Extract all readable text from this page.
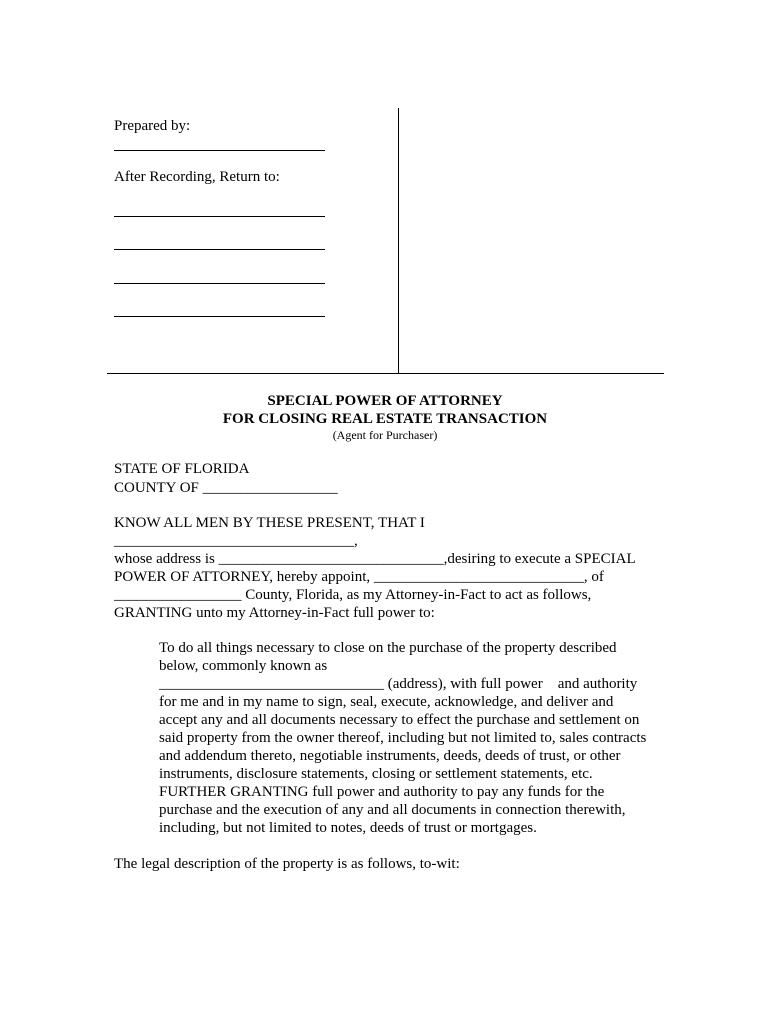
Prepared by:
After Recording, Return to:
SPECIAL POWER OF ATTORNEY
FOR CLOSING REAL ESTATE TRANSACTION
(Agent for Purchaser)
STATE OF FLORIDA
COUNTY OF __________________
KNOW ALL MEN BY THESE PRESENT, THAT I
________________________________,
whose address is ______________________________,desiring to execute a SPECIAL
POWER OF ATTORNEY, hereby appoint, ____________________________, of
_________________ County, Florida, as my Attorney-in-Fact to act as follows,
GRANTING unto my Attorney-in-Fact full power to:
To do all things necessary to close on the purchase of the property described
below, commonly known as
______________________________ (address), with full power    and authority
for me and in my name to sign, seal, execute, acknowledge, and deliver and
accept any and all documents necessary to effect the purchase and settlement on
said property from the owner thereof, including but not limited to, sales contracts
and addendum thereto, negotiable instruments, deeds, deeds of trust, or other
instruments, disclosure statements, closing or settlement statements, etc.
FURTHER GRANTING full power and authority to pay any funds for the
purchase and the execution of any and all documents in connection therewith,
including, but not limited to notes, deeds of trust or mortgages.
The legal description of the property is as follows, to-wit:
